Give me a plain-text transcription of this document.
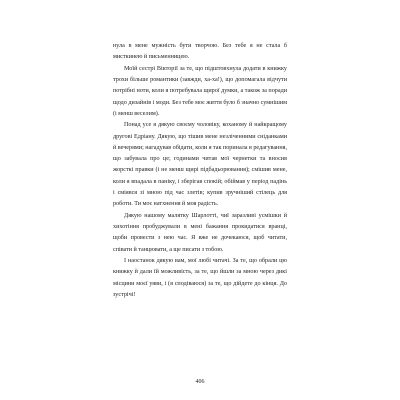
нула в мене мужність бути творчою. Без тебе я не стала б мисткинею й письменницею.

Моїй сестрі Вікторії за те, що підштовхнула додати в книжку трохи більше романтики (завжди, ха-ха!), що допомагала відчути потрібні ноти, коли я потребувала щирої думки, а також за поради щодо дизайнів і моди. Без тебе моє життя було б значно сумнішим (і менш веселим).

Понад усе я дякую своєму чоловіку, коханому й найкращому другові Едріану. Дякую, що тішив мене незліченними сніданками й вечерями; нагадував обідати, коли я так поринала в редагування, що забувала про це; годинами читав мої чернетки та вносив жорсткі правки (і не менш щирі підбадьорювання); смішив мене, коли я впадала в паніку, і зберігав спокій; обіймав у період падінь і сміявся зі мною під час злетів; купив зручніший стілець для роботи. Ти моє натхнення й моя радість.

Дякую нашому малятку Шарлотті, чиї заразливі усмішки й хихотіння пробуджували в мені бажання прокидатися вранці, щоби провести з нею час. Я вже не дочекаюся, щоб читати, співати й танцювати, а ще писати з тобою.

І наостанок дякую вам, мої любі читачі. За те, що обрали цю книжку й дали їй можливість, за те, що йшли за мною через дикі місцини моєї уяви, і (я сподіваюся) за те, що дійдете до кінця. До зустрічі!

406
